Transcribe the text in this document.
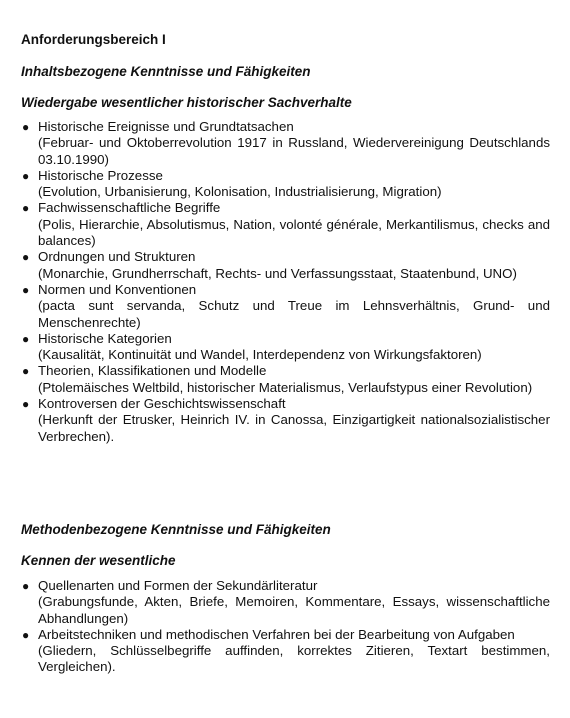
Anforderungsbereich I
Inhaltsbezogene Kenntnisse und Fähigkeiten
Wiedergabe wesentlicher historischer Sachverhalte
● Historische Ereignisse und Grundtatsachen
(Februar- und Oktoberrevolution 1917 in Russland, Wiedervereinigung Deutschlands 03.10.1990)
● Historische Prozesse
(Evolution, Urbanisierung, Kolonisation, Industrialisierung, Migration)
● Fachwissenschaftliche Begriffe
(Polis, Hierarchie, Absolutismus, Nation, volonté générale, Merkantilismus, checks and balances)
● Ordnungen und Strukturen
(Monarchie, Grundherrschaft, Rechts- und Verfassungsstaat, Staatenbund, UNO)
● Normen und Konventionen
(pacta sunt servanda, Schutz und Treue im Lehnsverhältnis, Grund- und Menschenrechte)
● Historische Kategorien
(Kausalität, Kontinuität und Wandel, Interdependenz von Wirkungsfaktoren)
● Theorien, Klassifikationen und Modelle
(Ptolemäisches Weltbild, historischer Materialismus, Verlaufstypus einer Revolution)
● Kontroversen der Geschichtswissenschaft
(Herkunft der Etrusker, Heinrich IV. in Canossa, Einzigartigkeit nationalsozialistischer Verbrechen).
Methodenbezogene Kenntnisse und Fähigkeiten
Kennen der wesentliche
● Quellenarten und Formen der Sekundärliteratur
(Grabungsfunde, Akten, Briefe, Memoiren, Kommentare, Essays, wissenschaftliche Abhandlungen)
● Arbeitstechniken und methodischen Verfahren bei der Bearbeitung von Aufgaben
(Gliedern, Schlüsselbegriffe auffinden, korrektes Zitieren, Textart bestimmen, Vergleichen).
